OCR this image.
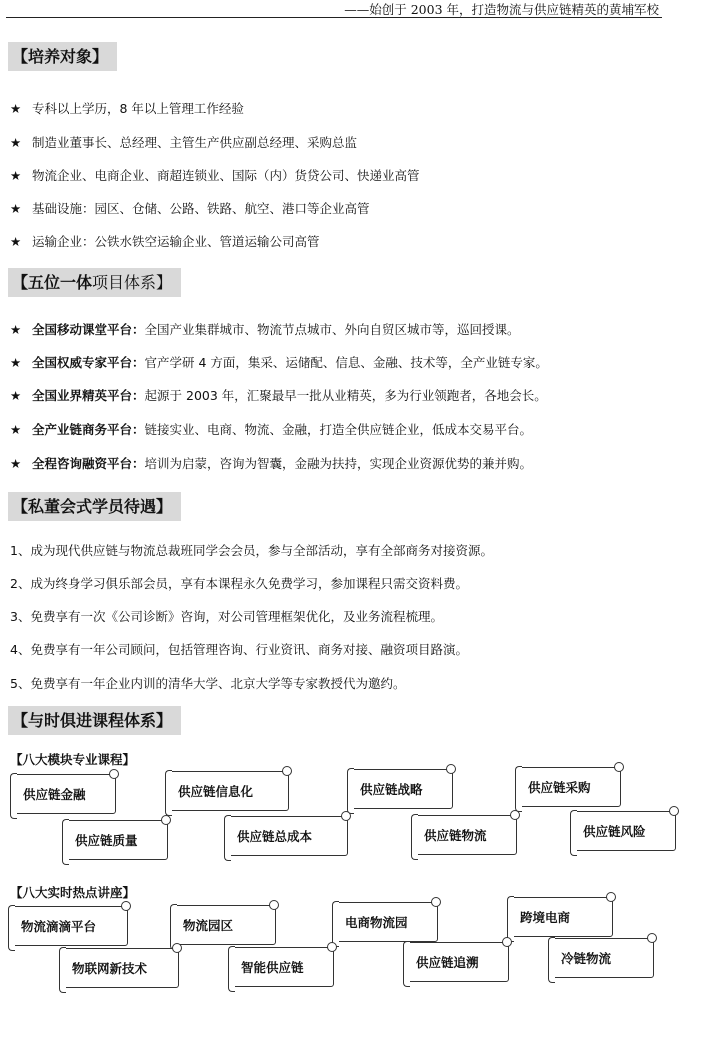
——始创于 2003 年，打造物流与供应链精英的黄埔军校
【培养对象】
★ 专科以上学历，8 年以上管理工作经验
★ 制造业董事长、总经理、主管生产供应副总经理、采购总监
★ 物流企业、电商企业、商超连锁业、国际（内）货贷公司、快递业高管
★ 基础设施：园区、仓储、公路、铁路、航空、港口等企业高管
★ 运输企业：公铁水铁空运输企业、管道运输公司高管
【五位一体项目体系】
★ 全国移动课堂平台：全国产业集群城市、物流节点城市、外向自贸区城市等，巡回授课。
★ 全国权威专家平台：官产学研 4 方面，集采、运储配、信息、金融、技术等，全产业链专家。
★ 全国业界精英平台：起源于 2003 年，汇聚最早一批从业精英，多为行业领跑者，各地会长。
★ 全产业链商务平台：链接实业、电商、物流、金融，打造全供应链企业，低成本交易平台。
★ 全程咨询融资平台：培训为启蒙，咨询为智囊，金融为扶持，实现企业资源优势的兼并购。
【私董会式学员待遇】
1、成为现代供应链与物流总裁班同学会会员，参与全部活动，享有全部商务对接资源。
2、成为终身学习俱乐部会员，享有本课程永久免费学习，参加课程只需交资料费。
3、免费享有一次《公司诊断》咨询，对公司管理框架优化，及业务流程梳理。
4、免费享有一年公司顾问，包括管理咨询、行业资讯、商务对接、融资项目路演。
5、免费享有一年企业内训的清华大学、北京大学等专家教授代为邀约。
【与时俱进课程体系】
【八大模块专业课程】
供应链金融	供应链信息化	供应链战略	供应链采购
供应链质量	供应链总成本	供应链物流	供应链风险
【八大实时热点讲座】
物流滴滴平台	物流园区	电商物流园	跨境电商
物联网新技术	智能供应链	供应链追溯	冷链物流
